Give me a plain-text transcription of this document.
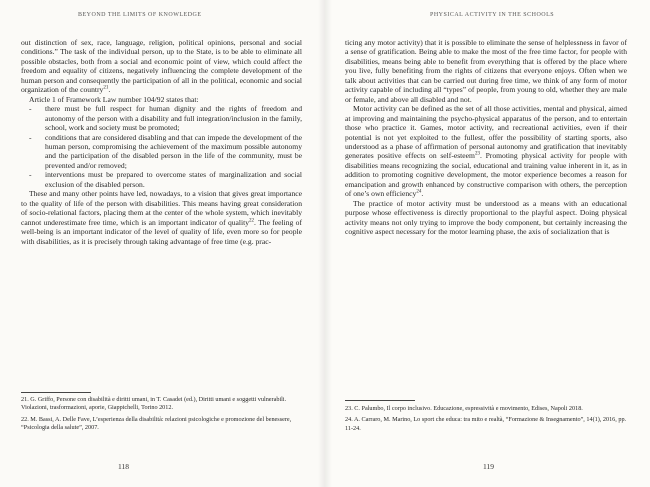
BEYOND THE LIMITS OF KNOWLEDGE

out distinction of sex, race, language, religion, political opinions, personal and social conditions.” The task of the individual person, up to the State, is to be able to eliminate all possible obstacles, both from a social and economic point of view, which could affect the freedom and equality of citizens, negatively influencing the complete development of the human person and consequently the participation of all in the political, economic and social organization of the country$^{21}$.

Article 1 of Framework Law number 104/92 states that:

-	there must be full respect for human dignity and the rights of freedom and autonomy of the person with a disability and full integration/inclusion in the family, school, work and society must be promoted;
-	conditions that are considered disabling and that can impede the development of the human person, compromising the achievement of the maximum possible autonomy and the participation of the disabled person in the life of the community, must be prevented and/or removed;
-	interventions must be prepared to overcome states of marginalization and social exclusion of the disabled person.

These and many other points have led, nowadays, to a vision that gives great importance to the quality of life of the person with disabilities. This means having great consideration of socio-relational factors, placing them at the center of the whole system, which inevitably cannot underestimate free time, which is an important indicator of quality$^{22}$. The feeling of well-being is an important indicator of the level of quality of life, even more so for people with disabilities, as it is precisely through taking advantage of free time (e.g. prac-

21. G. Griffo, Persone con disabilità e diritti umani, in T. Casadei (ed.), Diritti umani e soggetti vulnerabili. Violazioni, trasformazioni, aporie, Giappichelli, Torino 2012.

22. M. Bassi, A. Delle Fave, L’esperienza della disabilità: relazioni psicologiche e promozione del benessere, “Psicologia della salute”, 2007.

118
PHYSICAL ACTIVITY IN THE SCHOOLS

ticing any motor activity) that it is possible to eliminate the sense of helplessness in favor of a sense of gratification. Being able to make the most of the free time factor, for people with disabilities, means being able to benefit from everything that is offered by the place where you live, fully benefiting from the rights of citizens that everyone enjoys. Often when we talk about activities that can be carried out during free time, we think of any form of motor activity capable of including all “types” of people, from young to old, whether they are male or female, and above all disabled and not.

Motor activity can be defined as the set of all those activities, mental and physical, aimed at improving and maintaining the psycho-physical apparatus of the person, and to entertain those who practice it. Games, motor activity, and recreational activities, even if their potential is not yet exploited to the fullest, offer the possibility of starting sports, also understood as a phase of affirmation of personal autonomy and gratification that inevitably generates positive effects on self-esteem$^{23}$. Promoting physical activity for people with disabilities means recognizing the social, educational and training value inherent in it, as in addition to promoting cognitive development, the motor experience becomes a reason for emancipation and growth enhanced by constructive comparison with others, the perception of one’s own efficiency$^{24}$.

The practice of motor activity must be understood as a means with an educational purpose whose effectiveness is directly proportional to the playful aspect. Doing physical activity means not only trying to improve the body component, but certainly increasing the cognitive aspect necessary for the motor learning phase, the axis of socialization that is

23. C. Palumbo, Il corpo inclusivo. Educazione, espressività e movimento, Edises, Napoli 2018.

24. A. Carraro, M. Marino, Lo sport che educa: tra mito e realtà, “Formazione & Insegnamento”, 14(1), 2016, pp. 11-24.

119
